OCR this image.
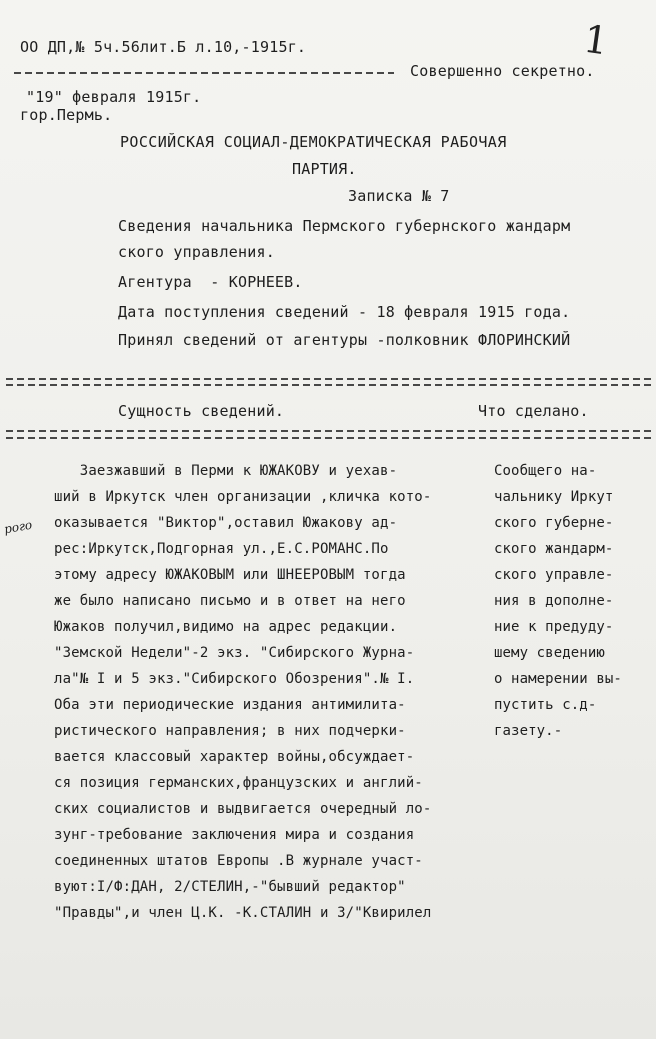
ОО ДП,№ 5ч.56лит.Б л.10,-1915г.	1
Совершенно секретно.
"19" февраля 1915г.
гор.Пермь.
РОССИЙСКАЯ СОЦИАЛ-ДЕМОКРАТИЧЕСКАЯ РАБОЧАЯ
ПАРТИЯ.
Записка № 7
Сведения начальника Пермского губернского жандарм
ского управления.
Агентура  - КОРНЕЕВ.
Дата поступления сведений - 18 февраля 1915 года.
Принял сведений от агентуры -полковник ФЛОРИНСКИЙ
Сущность сведений.	Что сделано.
рого
Заезжавший в Перми к ЮЖАКОВУ и уехав-
ший в Иркутск член организации ,кличка кото-
оказывается "Виктор",оставил Южакову ад-
рес:Иркутск,Подгорная ул.,Е.С.РОМАНС.По
этому адресу ЮЖАКОВЫМ или ШНЕЕРОВЫМ тогда
же было написано письмо и в ответ на него
Южаков получил,видимо на адрес редакции.
"Земской Недели"-2 экз. "Сибирского Журна-
ла"№ I и 5 экз."Сибирского Обозрения".№ I.
Оба эти периодические издания антимилита-
ристического направления; в них подчерки-
вается классовый характер войны,обсуждает-
ся позиция германских,французских и англий-
ских социалистов и выдвигается очередный ло-
зунг-требование заключения мира и создания
соединенных штатов Европы .В журнале участ-
вуют:I/Ф:ДАН, 2/СТЕЛИН,-"бывший редактор"
"Правды",и член Ц.К. -К.СТАЛИН и 3/"Квирилел
Сообщего на-
чальнику Иркут
ского губерне-
ского жандарм-
ского управле-
ния в дополне-
ние к предуду-
шему сведению
о намерении вы-
пустить с.д-
газету.-
